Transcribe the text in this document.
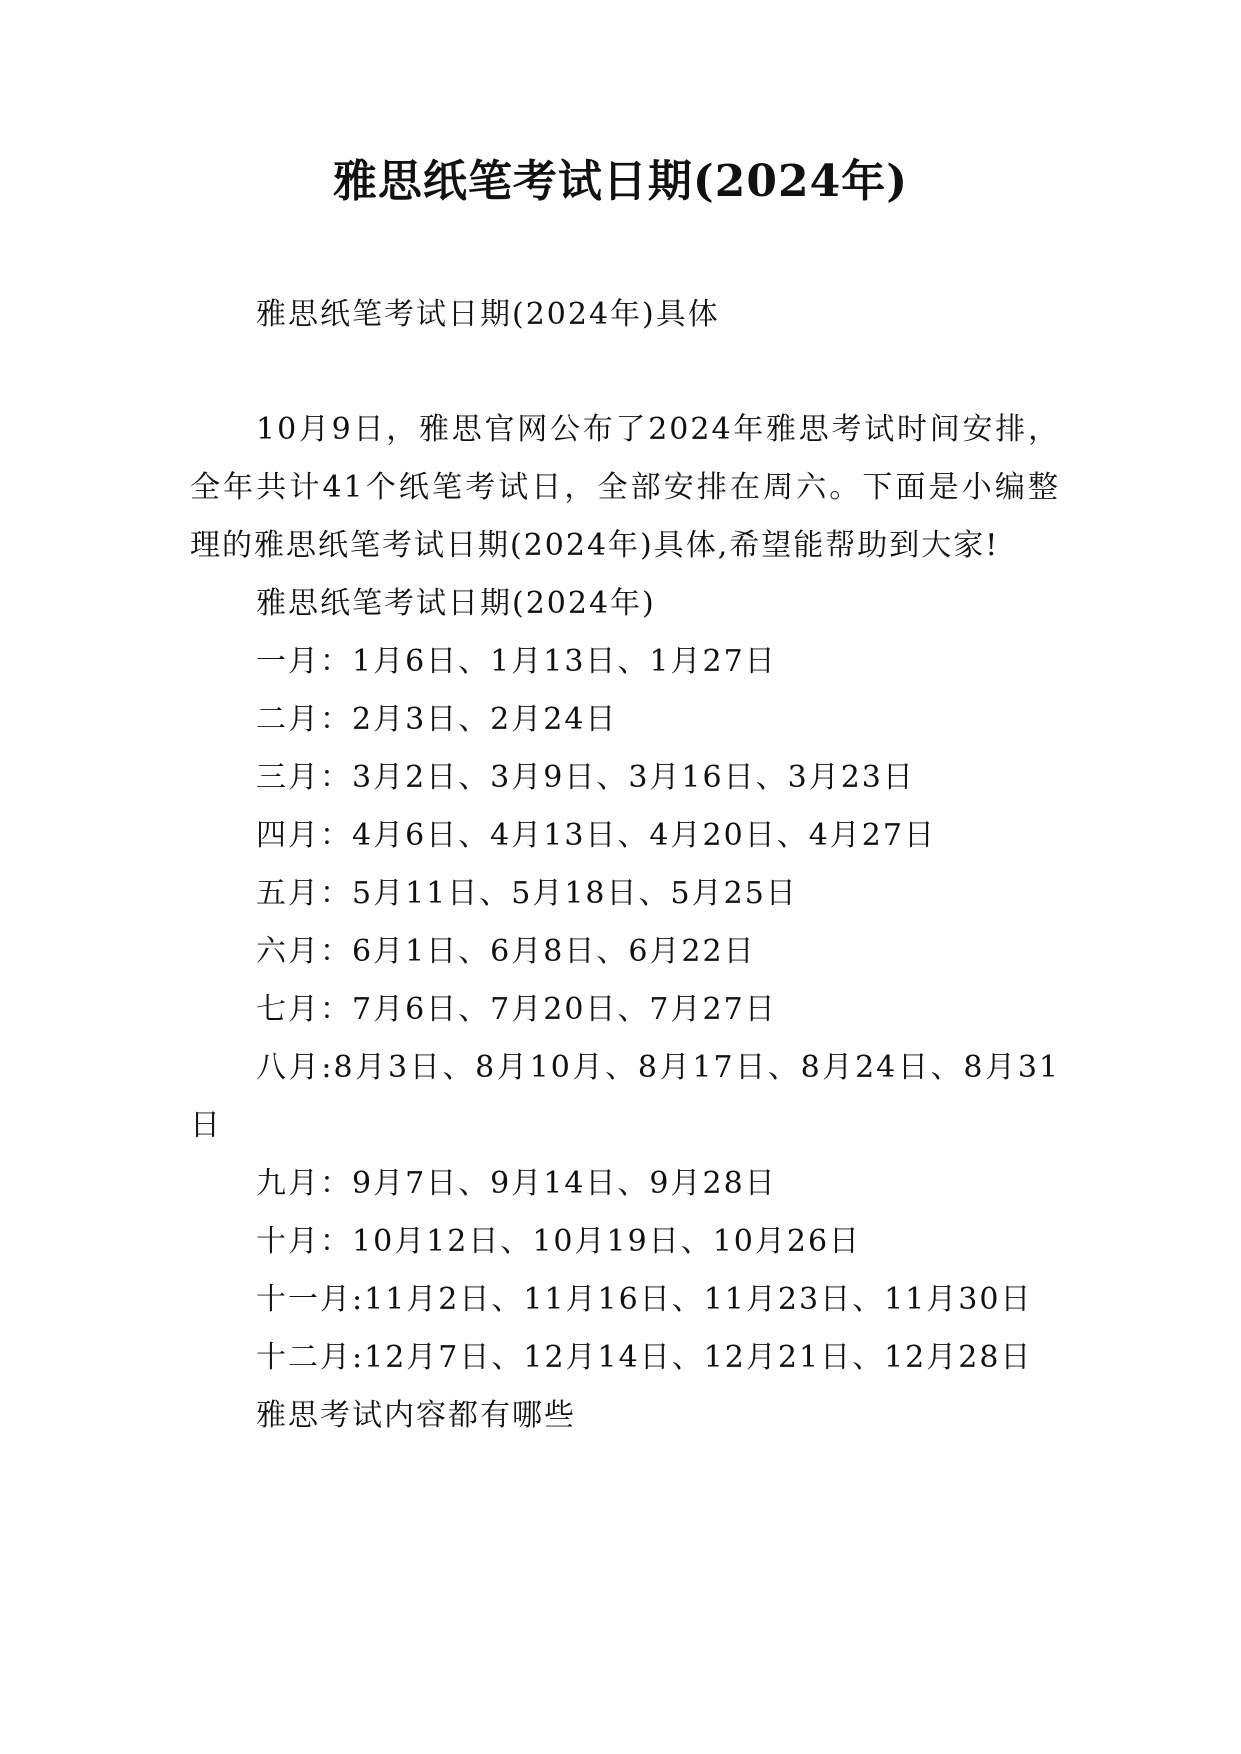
雅思纸笔考试日期(2024年)

雅思纸笔考试日期(2024年)具体

10月9日，雅思官网公布了2024年雅思考试时间安排，全年共计41个纸笔考试日，全部安排在周六。下面是小编整理的雅思纸笔考试日期(2024年)具体,希望能帮助到大家!

雅思纸笔考试日期(2024年)

一月：1月6日、1月13日、1月27日

二月：2月3日、2月24日

三月：3月2日、3月9日、3月16日、3月23日

四月：4月6日、4月13日、4月20日、4月27日

五月：5月11日、5月18日、5月25日

六月：6月1日、6月8日、6月22日

七月：7月6日、7月20日、7月27日

八月:8月3日、8月10月、8月17日、8月24日、8月31日

九月：9月7日、9月14日、9月28日

十月：10月12日、10月19日、10月26日

十一月:11月2日、11月16日、11月23日、11月30日

十二月:12月7日、12月14日、12月21日、12月28日

雅思考试内容都有哪些
